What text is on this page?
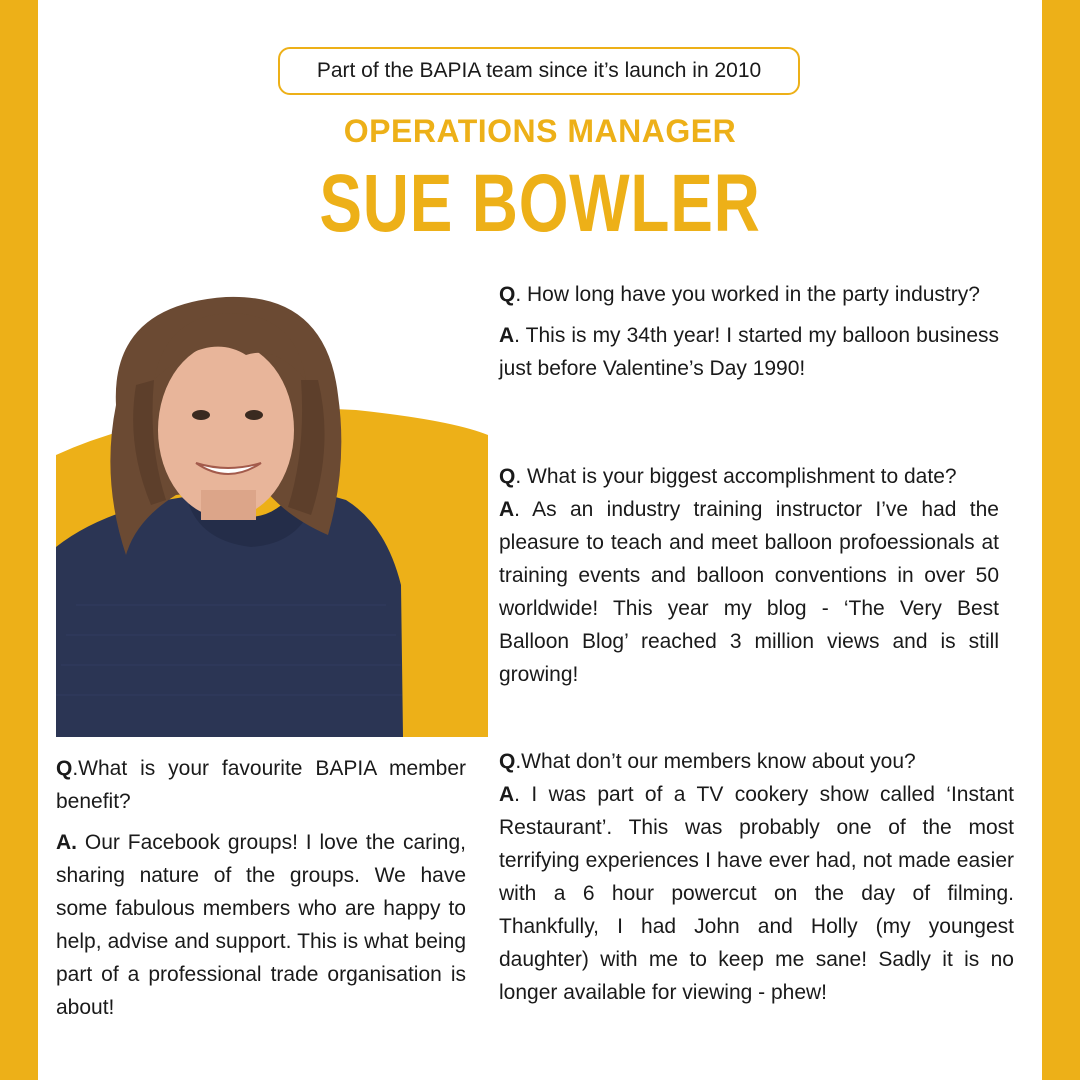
Part of the BAPIA team since it’s launch in 2010
OPERATIONS MANAGER
SUE BOWLER

Q. How long have you worked in the party industry?

A. This is my 34th year! I started my balloon business just before Valentine’s Day 1990!

Q. What is your biggest accomplishment to date?

A. As an industry training instructor I’ve had the pleasure to teach and meet balloon profoessionals at training events and balloon conventions in over 50 worldwide! This year my blog - ‘The Very Best Balloon Blog’ reached 3 million views and is still growing!

Q.What is your favourite BAPIA member benefit?

A. Our Facebook groups! I love the caring, sharing nature of the groups. We have some fabulous members who are happy to help, advise and support. This is what being part of a professional trade organisation is about!

Q.What don’t our members know about you?

A. I was part of a TV cookery show called ‘Instant Restaurant’. This was probably one of the most terrifying experiences I have ever had, not made easier with a 6 hour powercut on the day of filming. Thankfully, I had John and Holly (my youngest daughter) with me to keep me sane! Sadly it is no longer available for viewing - phew!
